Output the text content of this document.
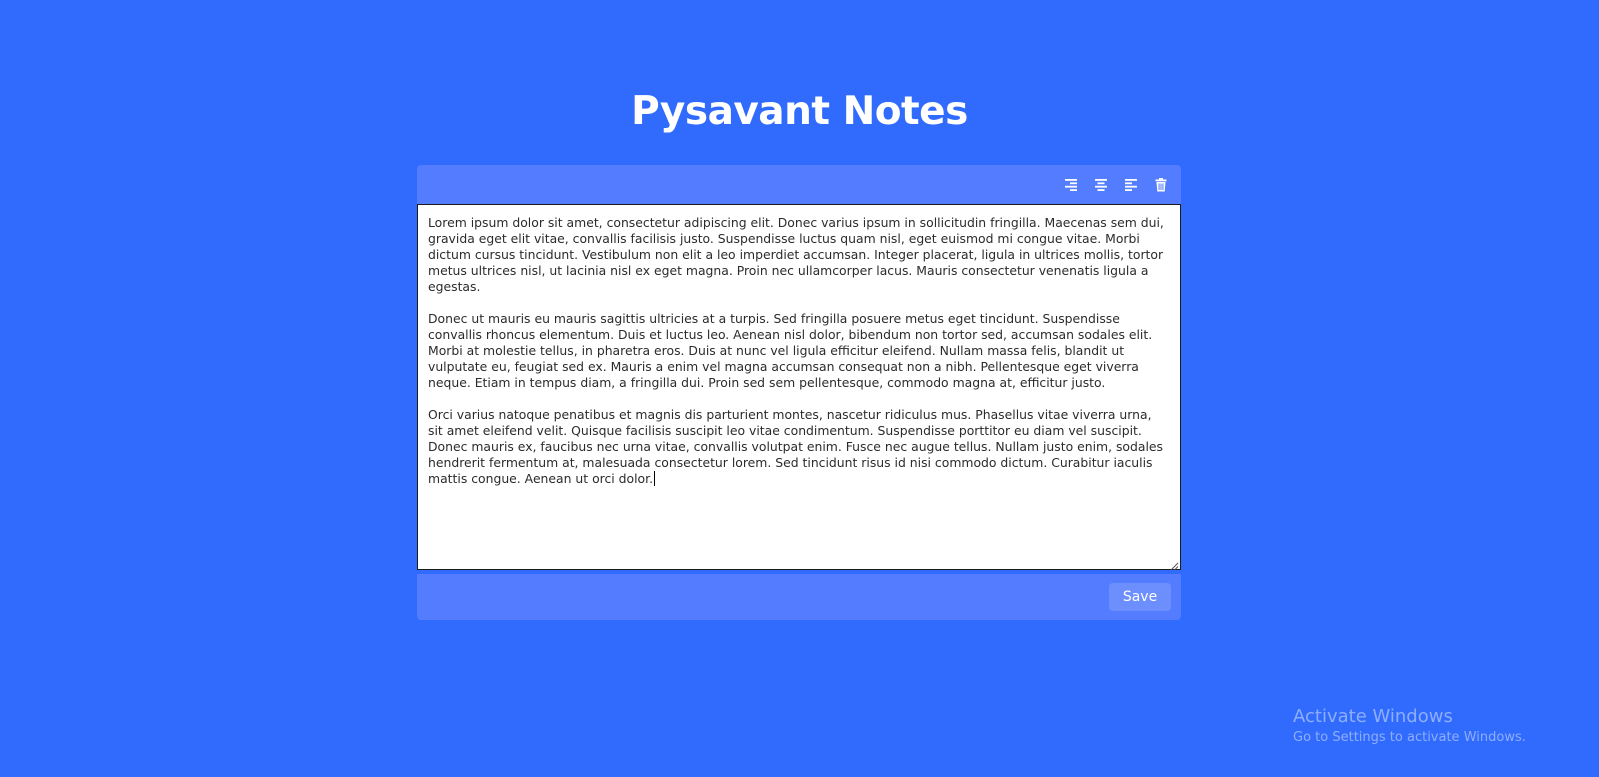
Pysavant Notes

Lorem ipsum dolor sit amet, consectetur adipiscing elit. Donec varius ipsum in sollicitudin fringilla. Maecenas sem dui, gravida eget elit vitae, convallis facilisis justo. Suspendisse luctus quam nisl, eget euismod mi congue vitae. Morbi dictum cursus tincidunt. Vestibulum non elit a leo imperdiet accumsan. Integer placerat, ligula in ultrices mollis, tortor metus ultrices nisl, ut lacinia nisl ex eget magna. Proin nec ullamcorper lacus. Mauris consectetur venenatis ligula a egestas.

Donec ut mauris eu mauris sagittis ultricies at a turpis. Sed fringilla posuere metus eget tincidunt. Suspendisse convallis rhoncus elementum. Duis et luctus leo. Aenean nisl dolor, bibendum non tortor sed, accumsan sodales elit. Morbi at molestie tellus, in pharetra eros. Duis at nunc vel ligula efficitur eleifend. Nullam massa felis, blandit ut vulputate eu, feugiat sed ex. Mauris a enim vel magna accumsan consequat non a nibh. Pellentesque eget viverra neque. Etiam in tempus diam, a fringilla dui. Proin sed sem pellentesque, commodo magna at, efficitur justo.

Orci varius natoque penatibus et magnis dis parturient montes, nascetur ridiculus mus. Phasellus vitae viverra urna, sit amet eleifend velit. Quisque facilisis suscipit leo vitae condimentum. Suspendisse porttitor eu diam vel suscipit. Donec mauris ex, faucibus nec urna vitae, convallis volutpat enim. Fusce nec augue tellus. Nullam justo enim, sodales hendrerit fermentum at, malesuada consectetur lorem. Sed tincidunt risus id nisi commodo dictum. Curabitur iaculis mattis congue. Aenean ut orci dolor.

Save
Activate Windows
Go to Settings to activate Windows.
